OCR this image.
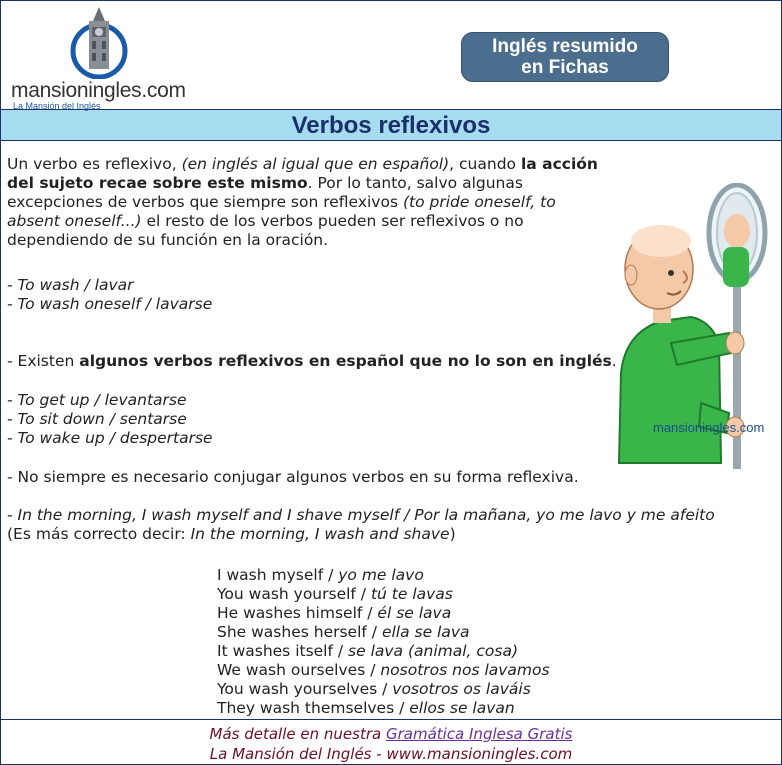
mansioningles.com
La Mansión del Inglés
Inglés resumido
en Fichas
Verbos reflexivos
Un verbo es reflexivo, (en inglés al igual que en español), cuando la acción del sujeto recae sobre este mismo. Por lo tanto, salvo algunas excepciones de verbos que siempre son reflexivos (to pride oneself, to absent oneself...) el resto de los verbos pueden ser reflexivos o no dependiendo de su función en la oración.
- To wash / lavar
- To wash oneself / lavarse
- Existen algunos verbos reflexivos en español que no lo son en inglés.
- To get up / levantarse
- To sit down / sentarse
- To wake up / despertarse
- No siempre es necesario conjugar algunos verbos en su forma reflexiva.
- In the morning, I wash myself and I shave myself / Por la mañana, yo me lavo y me afeito
(Es más correcto decir: In the morning, I wash and shave)
mansioningles.com
I wash myself / yo me lavo
You wash yourself / tú te lavas
He washes himself / él se lava
She washes herself / ella se lava
It washes itself / se lava (animal, cosa)
We wash ourselves / nosotros nos lavamos
You wash yourselves / vosotros os laváis
They wash themselves / ellos se lavan
Más detalle en nuestra Gramática Inglesa Gratis
La Mansión del Inglés - www.mansioningles.com
